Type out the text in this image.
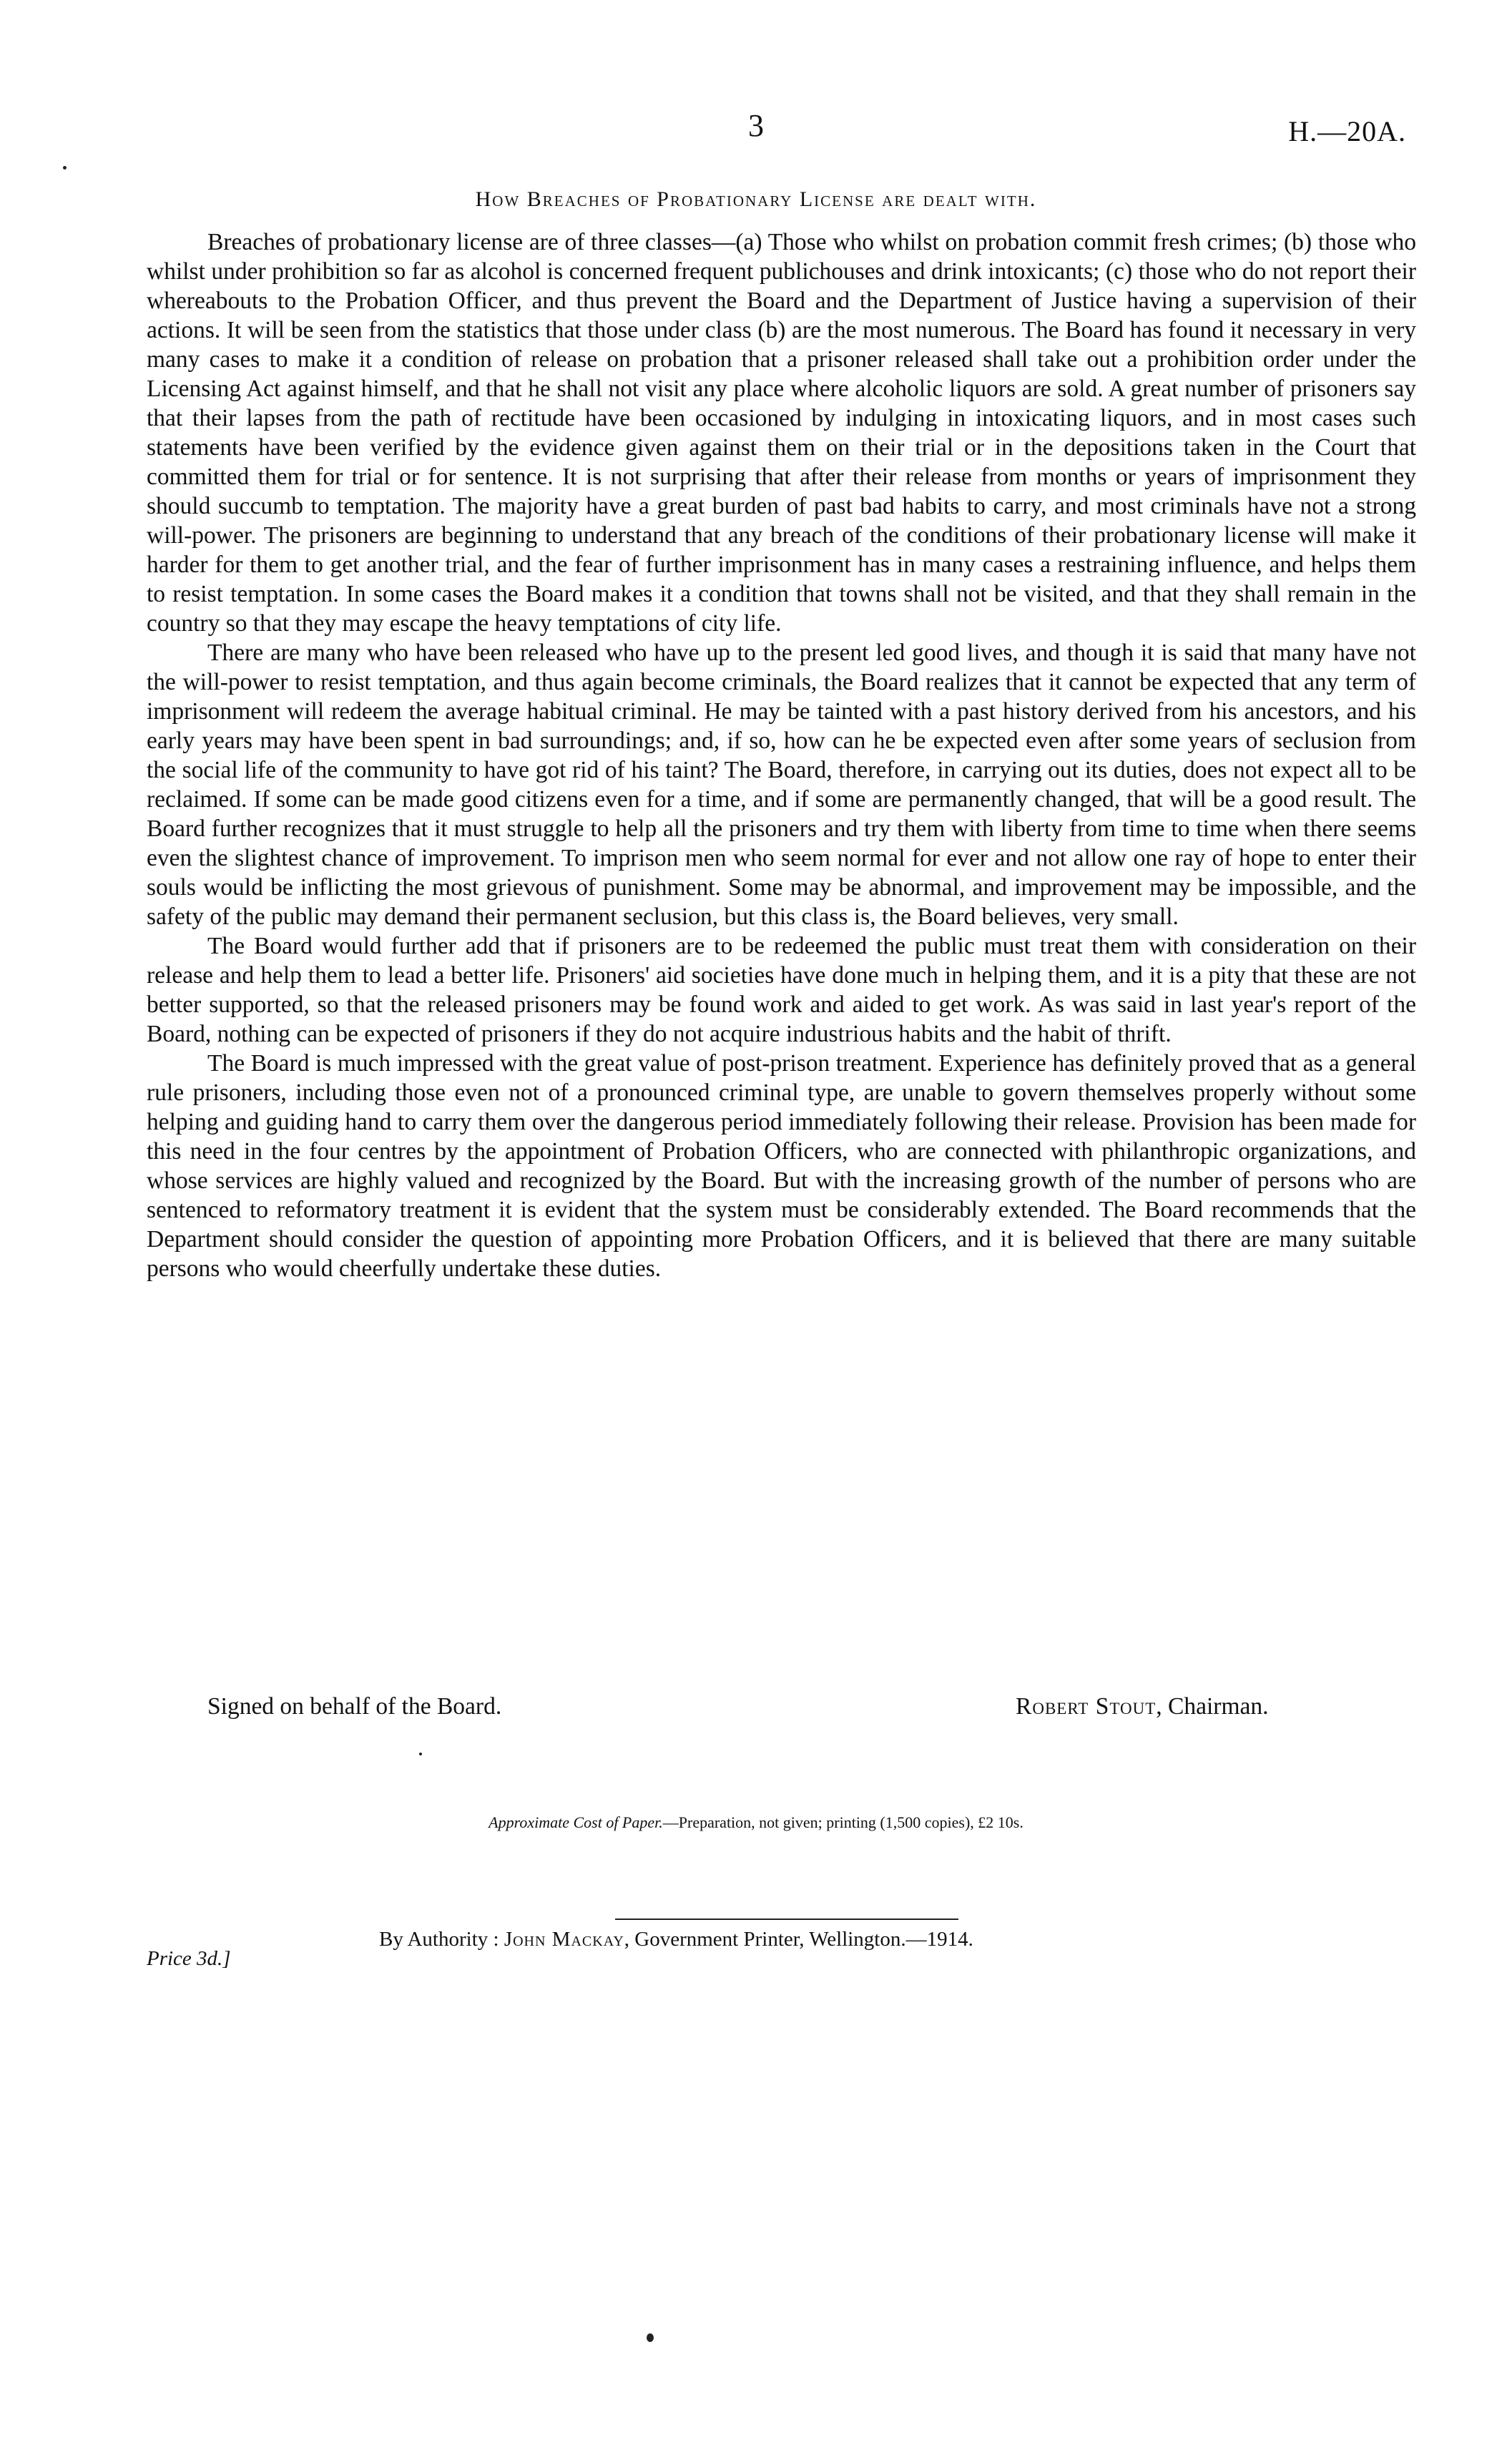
3	H.—20A.
How Breaches of Probationary License are dealt with.

Breaches of probationary license are of three classes—(a) Those who whilst on probation commit fresh crimes; (b) those who whilst under prohibition so far as alcohol is concerned frequent publichouses and drink intoxicants; (c) those who do not report their whereabouts to the Probation Officer, and thus prevent the Board and the Department of Justice having a supervision of their actions. It will be seen from the statistics that those under class (b) are the most numerous. The Board has found it necessary in very many cases to make it a condition of release on probation that a prisoner released shall take out a prohibition order under the Licensing Act against himself, and that he shall not visit any place where alcoholic liquors are sold. A great number of prisoners say that their lapses from the path of rectitude have been occasioned by indulging in intoxicating liquors, and in most cases such statements have been verified by the evidence given against them on their trial or in the depositions taken in the Court that committed them for trial or for sentence. It is not surprising that after their release from months or years of imprisonment they should succumb to temptation. The majority have a great burden of past bad habits to carry, and most criminals have not a strong will-power. The prisoners are beginning to understand that any breach of the conditions of their probationary license will make it harder for them to get another trial, and the fear of further imprisonment has in many cases a restraining influence, and helps them to resist temptation. In some cases the Board makes it a condition that towns shall not be visited, and that they shall remain in the country so that they may escape the heavy temptations of city life.

There are many who have been released who have up to the present led good lives, and though it is said that many have not the will-power to resist temptation, and thus again become criminals, the Board realizes that it cannot be expected that any term of imprisonment will redeem the average habitual criminal. He may be tainted with a past history derived from his ancestors, and his early years may have been spent in bad surroundings; and, if so, how can he be expected even after some years of seclusion from the social life of the community to have got rid of his taint? The Board, therefore, in carrying out its duties, does not expect all to be reclaimed. If some can be made good citizens even for a time, and if some are permanently changed, that will be a good result. The Board further recognizes that it must struggle to help all the prisoners and try them with liberty from time to time when there seems even the slightest chance of improvement. To imprison men who seem normal for ever and not allow one ray of hope to enter their souls would be inflicting the most grievous of punishment. Some may be abnormal, and improvement may be impossible, and the safety of the public may demand their permanent seclusion, but this class is, the Board believes, very small.

The Board would further add that if prisoners are to be redeemed the public must treat them with consideration on their release and help them to lead a better life. Prisoners' aid societies have done much in helping them, and it is a pity that these are not better supported, so that the released prisoners may be found work and aided to get work. As was said in last year's report of the Board, nothing can be expected of prisoners if they do not acquire industrious habits and the habit of thrift.

The Board is much impressed with the great value of post-prison treatment. Experience has definitely proved that as a general rule prisoners, including those even not of a pronounced criminal type, are unable to govern themselves properly without some helping and guiding hand to carry them over the dangerous period immediately following their release. Provision has been made for this need in the four centres by the appointment of Probation Officers, who are connected with philanthropic organizations, and whose services are highly valued and recognized by the Board. But with the increasing growth of the number of persons who are sentenced to reformatory treatment it is evident that the system must be considerably extended. The Board recommends that the Department should consider the question of appointing more Probation Officers, and it is believed that there are many suitable persons who would cheerfully undertake these duties.

Signed on behalf of the Board.	Robert Stout, Chairman.
Approximate Cost of Paper.—Preparation, not given; printing (1,500 copies), £2 10s.
By Authority : John Mackay, Government Printer, Wellington.—1914.
Price 3d.]
